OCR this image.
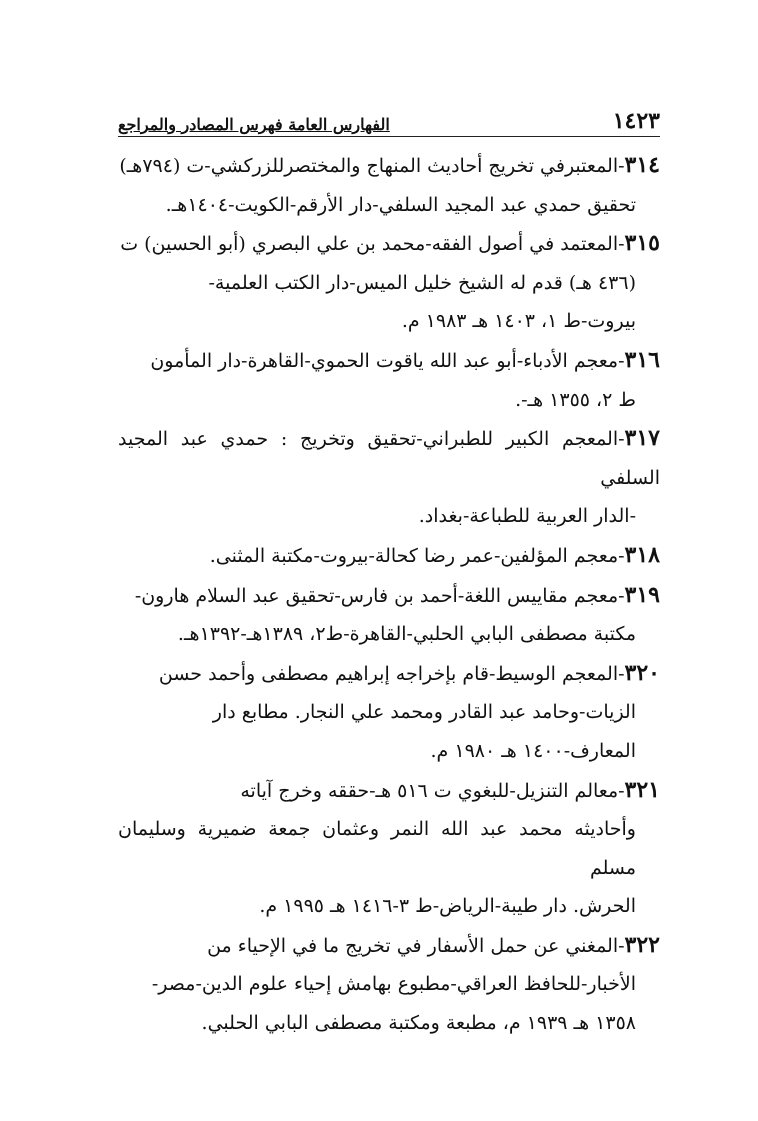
١٤٢٣
الفهارس العامة فهرس المصادر والمراجع

٣١٤-المعتبرفي تخريج أحاديث المنهاج والمختصرللزركشي-ت (٧٩٤هـ)

تحقيق حمدي عبد المجيد السلفي-دار الأرقم-الكويت-١٤٠٤هـ.

٣١٥-المعتمد في أصول الفقه-محمد بن علي البصري (أبو الحسين) ت

(٤٣٦ هـ) قدم له الشيخ خليل الميس-دار الكتب العلمية-

بيروت-ط ١، ١٤٠٣ هـ ١٩٨٣ م.

٣١٦-معجم الأدباء-أبو عبد الله ياقوت الحموي-القاهرة-دار المأمون

ط ٢، ١٣٥٥ هـ-.

٣١٧-المعجم الكبير للطبراني-تحقيق وتخريج : حمدي عبد المجيد السلفي

-الدار العربية للطباعة-بغداد.

٣١٨-معجم المؤلفين-عمر رضا كحالة-بيروت-مكتبة المثنى.

٣١٩-معجم مقاييس اللغة-أحمد بن فارس-تحقيق عبد السلام هارون-

مكتبة مصطفى البابي الحلبي-القاهرة-ط٢، ١٣٨٩هـ-١٣٩٢هـ.

٣٢٠-المعجم الوسيط-قام بإخراجه إبراهيم مصطفى وأحمد حسن

الزيات-وحامد عبد القادر ومحمد علي النجار. مطابع دار

المعارف-١٤٠٠ هـ ١٩٨٠ م.

٣٢١-معالم التنزيل-للبغوي ت ٥١٦ هـ-حققه وخرج آياته

وأحاديثه محمد عبد الله النمر وعثمان جمعة ضميرية وسليمان مسلم

الحرش. دار طيبة-الرياض-ط ٣-١٤١٦ هـ ١٩٩٥ م.

٣٢٢-المغني عن حمل الأسفار في تخريج ما في الإحياء من

الأخبار-للحافظ العراقي-مطبوع بهامش إحياء علوم الدين-مصر-

١٣٥٨ هـ ١٩٣٩ م، مطبعة ومكتبة مصطفى البابي الحلبي.
